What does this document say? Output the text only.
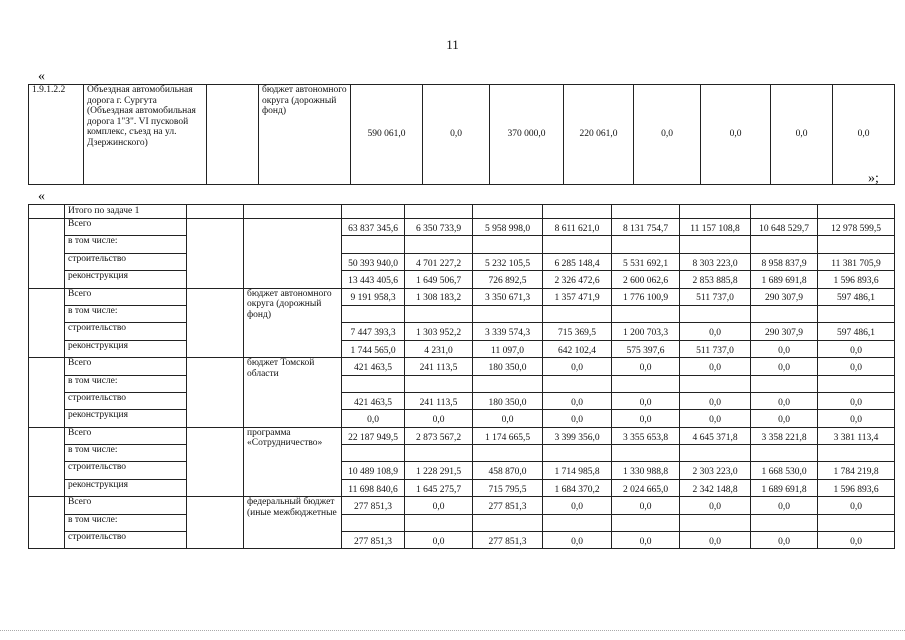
11
«
1.9.1.2.2	Объездная автомобильная дорога г. Сургута (Объездная автомобильная дорога 1"З". VI пусковой комплекс, съезд на ул. Дзержинского)		бюджет автономного округа (дорожный фонд)	590 061,0	0,0	370 000,0	220 061,0	0,0	0,0	0,0	0,0
»;
«
	Итого по задаче 1										
	Всего			63 837 345,6	6 350 733,9	5 958 998,0	8 611 621,0	8 131 754,7	11 157 108,8	10 648 529,7	12 978 599,5
	в том числе:										
	строительство			50 393 940,0	4 701 227,2	5 232 105,5	6 285 148,4	5 531 692,1	8 303 223,0	8 958 837,9	11 381 705,9
	реконструкция			13 443 405,6	1 649 506,7	726 892,5	2 326 472,6	2 600 062,6	2 853 885,8	1 689 691,8	1 596 893,6
	Всего		бюджет автономного округа (дорожный фонд)	9 191 958,3	1 308 183,2	3 350 671,3	1 357 471,9	1 776 100,9	511 737,0	290 307,9	597 486,1
	в том числе:										
	строительство			7 447 393,3	1 303 952,2	3 339 574,3	715 369,5	1 200 703,3	0,0	290 307,9	597 486,1
	реконструкция			1 744 565,0	4 231,0	11 097,0	642 102,4	575 397,6	511 737,0	0,0	0,0
	Всего		бюджет Томской области	421 463,5	241 113,5	180 350,0	0,0	0,0	0,0	0,0	0,0
	в том числе:										
	строительство			421 463,5	241 113,5	180 350,0	0,0	0,0	0,0	0,0	0,0
	реконструкция			0,0	0,0	0,0	0,0	0,0	0,0	0,0	0,0
	Всего		программа «Сотрудничество»	22 187 949,5	2 873 567,2	1 174 665,5	3 399 356,0	3 355 653,8	4 645 371,8	3 358 221,8	3 381 113,4
	в том числе:										
	строительство			10 489 108,9	1 228 291,5	458 870,0	1 714 985,8	1 330 988,8	2 303 223,0	1 668 530,0	1 784 219,8
	реконструкция			11 698 840,6	1 645 275,7	715 795,5	1 684 370,2	2 024 665,0	2 342 148,8	1 689 691,8	1 596 893,6
	Всего		федеральный бюджет (иные межбюджетные	277 851,3	0,0	277 851,3	0,0	0,0	0,0	0,0	0,0
	в том числе:										
	строительство			277 851,3	0,0	277 851,3	0,0	0,0	0,0	0,0	0,0
